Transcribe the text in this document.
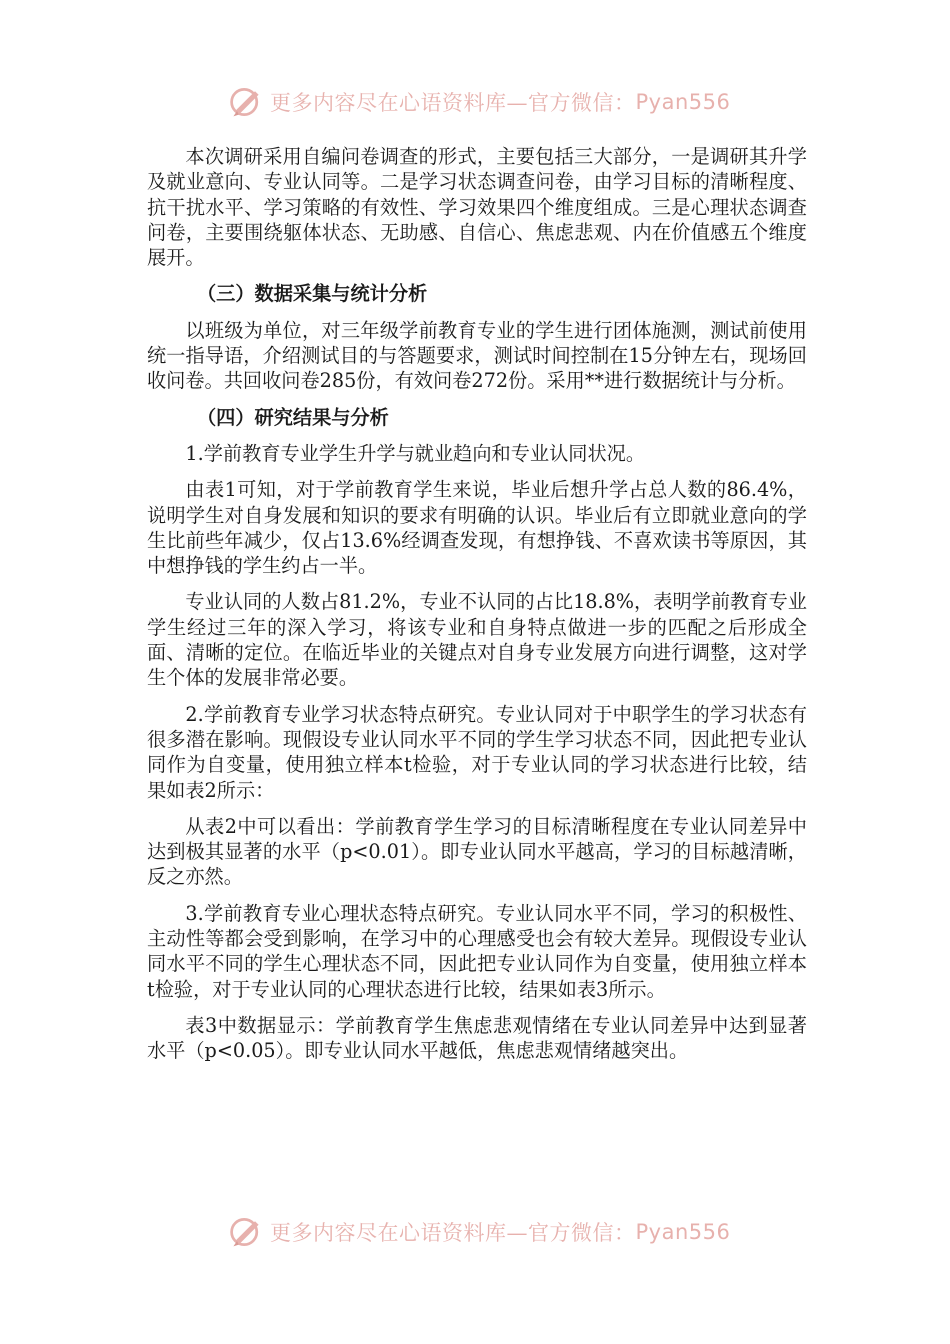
更多内容尽在心语资料库—官方微信： Pyan556

本次调研采用自编问卷调查的形式，主要包括三大部分，一是调研其升学及就业意向、专业认同等。二是学习状态调查问卷，由学习目标的清晰程度、抗干扰水平、学习策略的有效性、学习效果四个维度组成。三是心理状态调查问卷，主要围绕躯体状态、无助感、自信心、焦虑悲观、内在价值感五个维度展开。

（三）数据采集与统计分析

以班级为单位，对三年级学前教育专业的学生进行团体施测，测试前使用统一指导语，介绍测试目的与答题要求，测试时间控制在15分钟左右，现场回收问卷。共回收问卷285份，有效问卷272份。采用**进行数据统计与分析。

（四）研究结果与分析

1.学前教育专业学生升学与就业趋向和专业认同状况。

由表1可知，对于学前教育学生来说，毕业后想升学占总人数的86.4%，说明学生对自身发展和知识的要求有明确的认识。毕业后有立即就业意向的学生比前些年减少，仅占13.6%经调查发现，有想挣钱、不喜欢读书等原因，其中想挣钱的学生约占一半。

专业认同的人数占81.2%，专业不认同的占比18.8%，表明学前教育专业学生经过三年的深入学习，将该专业和自身特点做进一步的匹配之后形成全面、清晰的定位。在临近毕业的关键点对自身专业发展方向进行调整，这对学生个体的发展非常必要。

2.学前教育专业学习状态特点研究。专业认同对于中职学生的学习状态有很多潜在影响。现假设专业认同水平不同的学生学习状态不同，因此把专业认同作为自变量，使用独立样本t检验，对于专业认同的学习状态进行比较，结果如表2所示：

从表2中可以看出：学前教育学生学习的目标清晰程度在专业认同差异中达到极其显著的水平（p<0.01）。即专业认同水平越高，学习的目标越清晰，反之亦然。

3.学前教育专业心理状态特点研究。专业认同水平不同，学习的积极性、主动性等都会受到影响，在学习中的心理感受也会有较大差异。现假设专业认同水平不同的学生心理状态不同，因此把专业认同作为自变量，使用独立样本t检验，对于专业认同的心理状态进行比较，结果如表3所示。

表3中数据显示：学前教育学生焦虑悲观情绪在专业认同差异中达到显著水平（p<0.05）。即专业认同水平越低，焦虑悲观情绪越突出。

更多内容尽在心语资料库—官方微信： Pyan556
